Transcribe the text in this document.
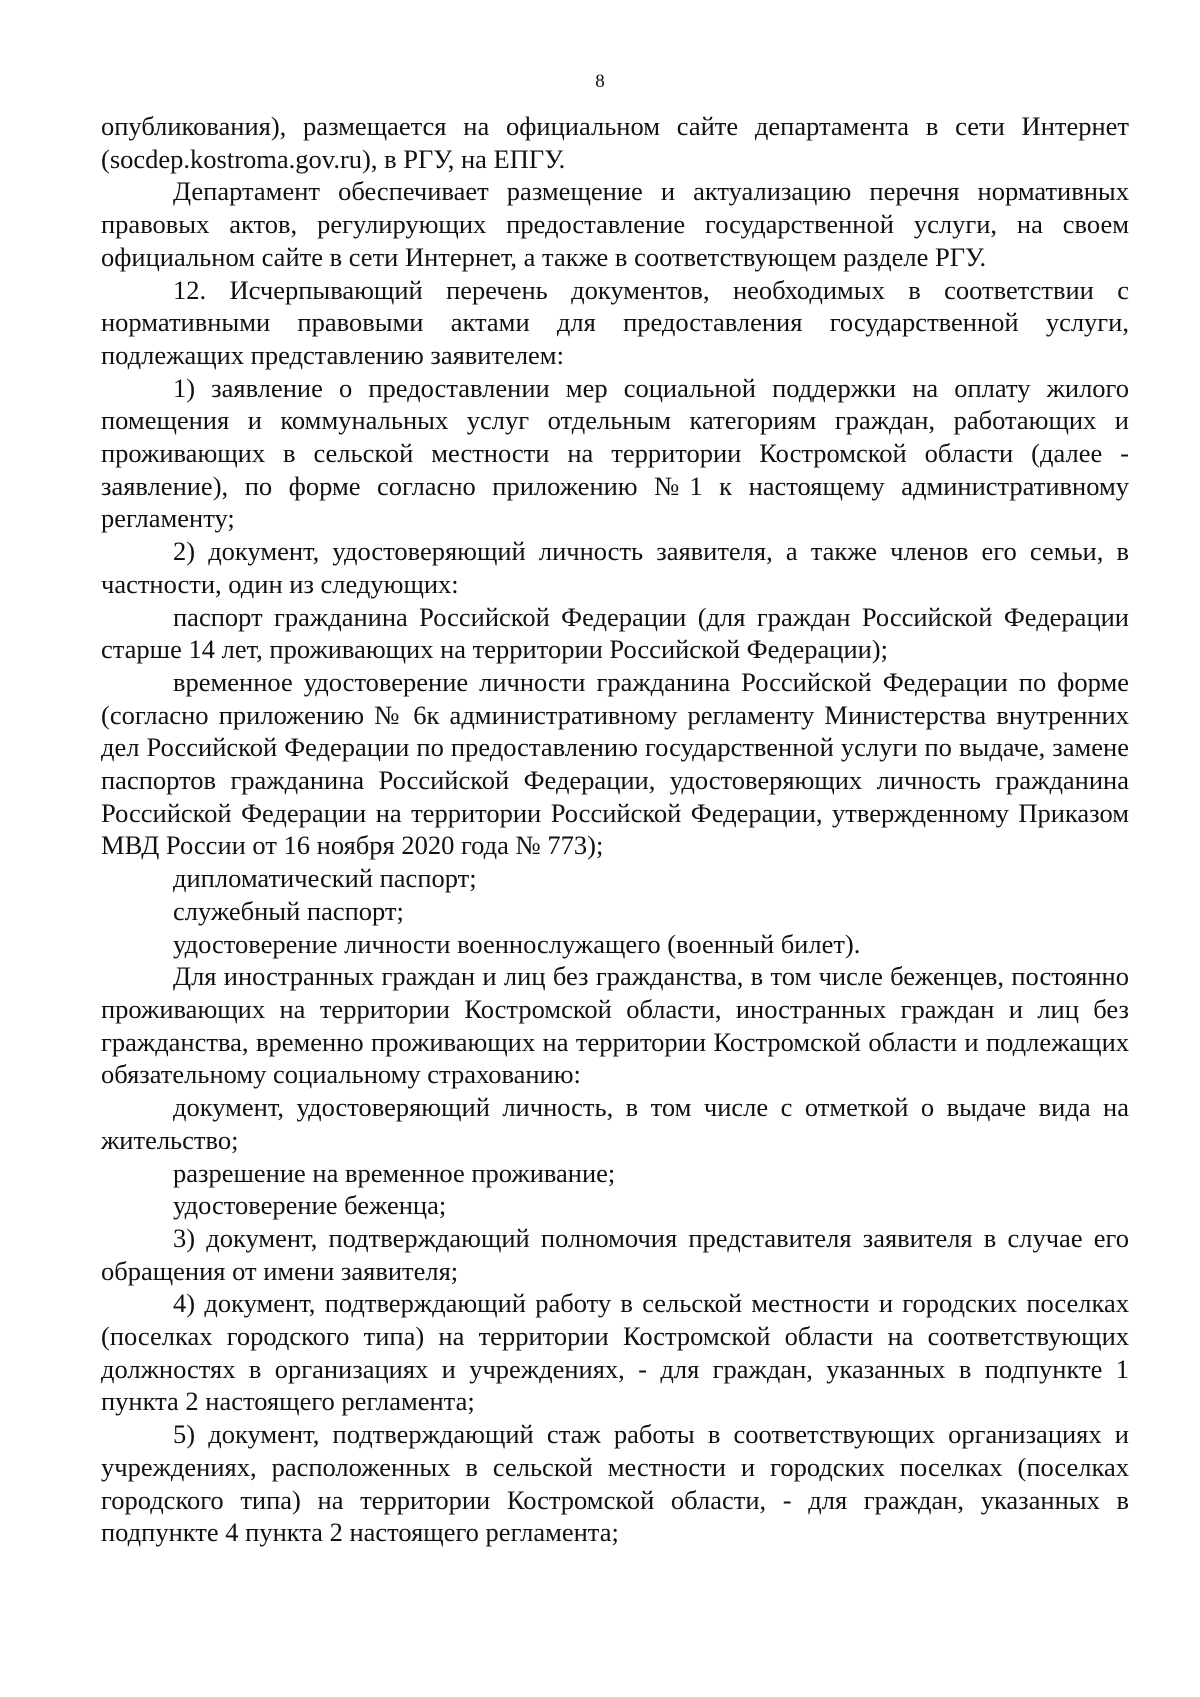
8

опубликования), размещается на официальном сайте департамента в сети Интернет (socdep.kostroma.gov.ru), в РГУ, на ЕПГУ.

Департамент обеспечивает размещение и актуализацию перечня нормативных правовых актов, регулирующих предоставление государственной услуги, на своем официальном сайте в сети Интернет, а также в соответствующем разделе РГУ.

12. Исчерпывающий перечень документов, необходимых в соответствии с нормативными правовыми актами для предоставления государственной услуги, подлежащих представлению заявителем:

1) заявление о предоставлении мер социальной поддержки на оплату жилого помещения и коммунальных услуг отдельным категориям граждан, работающих и проживающих в сельской местности на территории Костромской области (далее - заявление), по форме согласно приложению №1 к настоящему административному регламенту;

2) документ, удостоверяющий личность заявителя, а также членов его семьи, в частности, один из следующих:

паспорт гражданина Российской Федерации (для граждан Российской Федерации старше 14 лет, проживающих на территории Российской Федерации);

временное удостоверение личности гражданина Российской Федерации по форме (согласно приложению № 6к административному регламенту Министерства внутренних дел Российской Федерации по предоставлению государственной услуги по выдаче, замене паспортов гражданина Российской Федерации, удостоверяющих личность гражданина Российской Федерации на территории Российской Федерации, утвержденному Приказом МВД России от 16 ноября 2020 года № 773);

дипломатический паспорт;

служебный паспорт;

удостоверение личности военнослужащего (военный билет).

Для иностранных граждан и лиц без гражданства, в том числе беженцев, постоянно проживающих на территории Костромской области, иностранных граждан и лиц без гражданства, временно проживающих на территории Костромской области и подлежащих обязательному социальному страхованию:

документ, удостоверяющий личность, в том числе с отметкой о выдаче вида на жительство;

разрешение на временное проживание;

удостоверение беженца;

3) документ, подтверждающий полномочия представителя заявителя в случае его обращения от имени заявителя;

4) документ, подтверждающий работу в сельской местности и городских поселках (поселках городского типа) на территории Костромской области на соответствующих должностях в организациях и учреждениях, - для граждан, указанных в подпункте 1 пункта 2 настоящего регламента;

5) документ, подтверждающий стаж работы в соответствующих организациях и учреждениях, расположенных в сельской местности и городских поселках (поселках городского типа) на территории Костромской области, - для граждан, указанных в подпункте 4 пункта 2 настоящего регламента;
